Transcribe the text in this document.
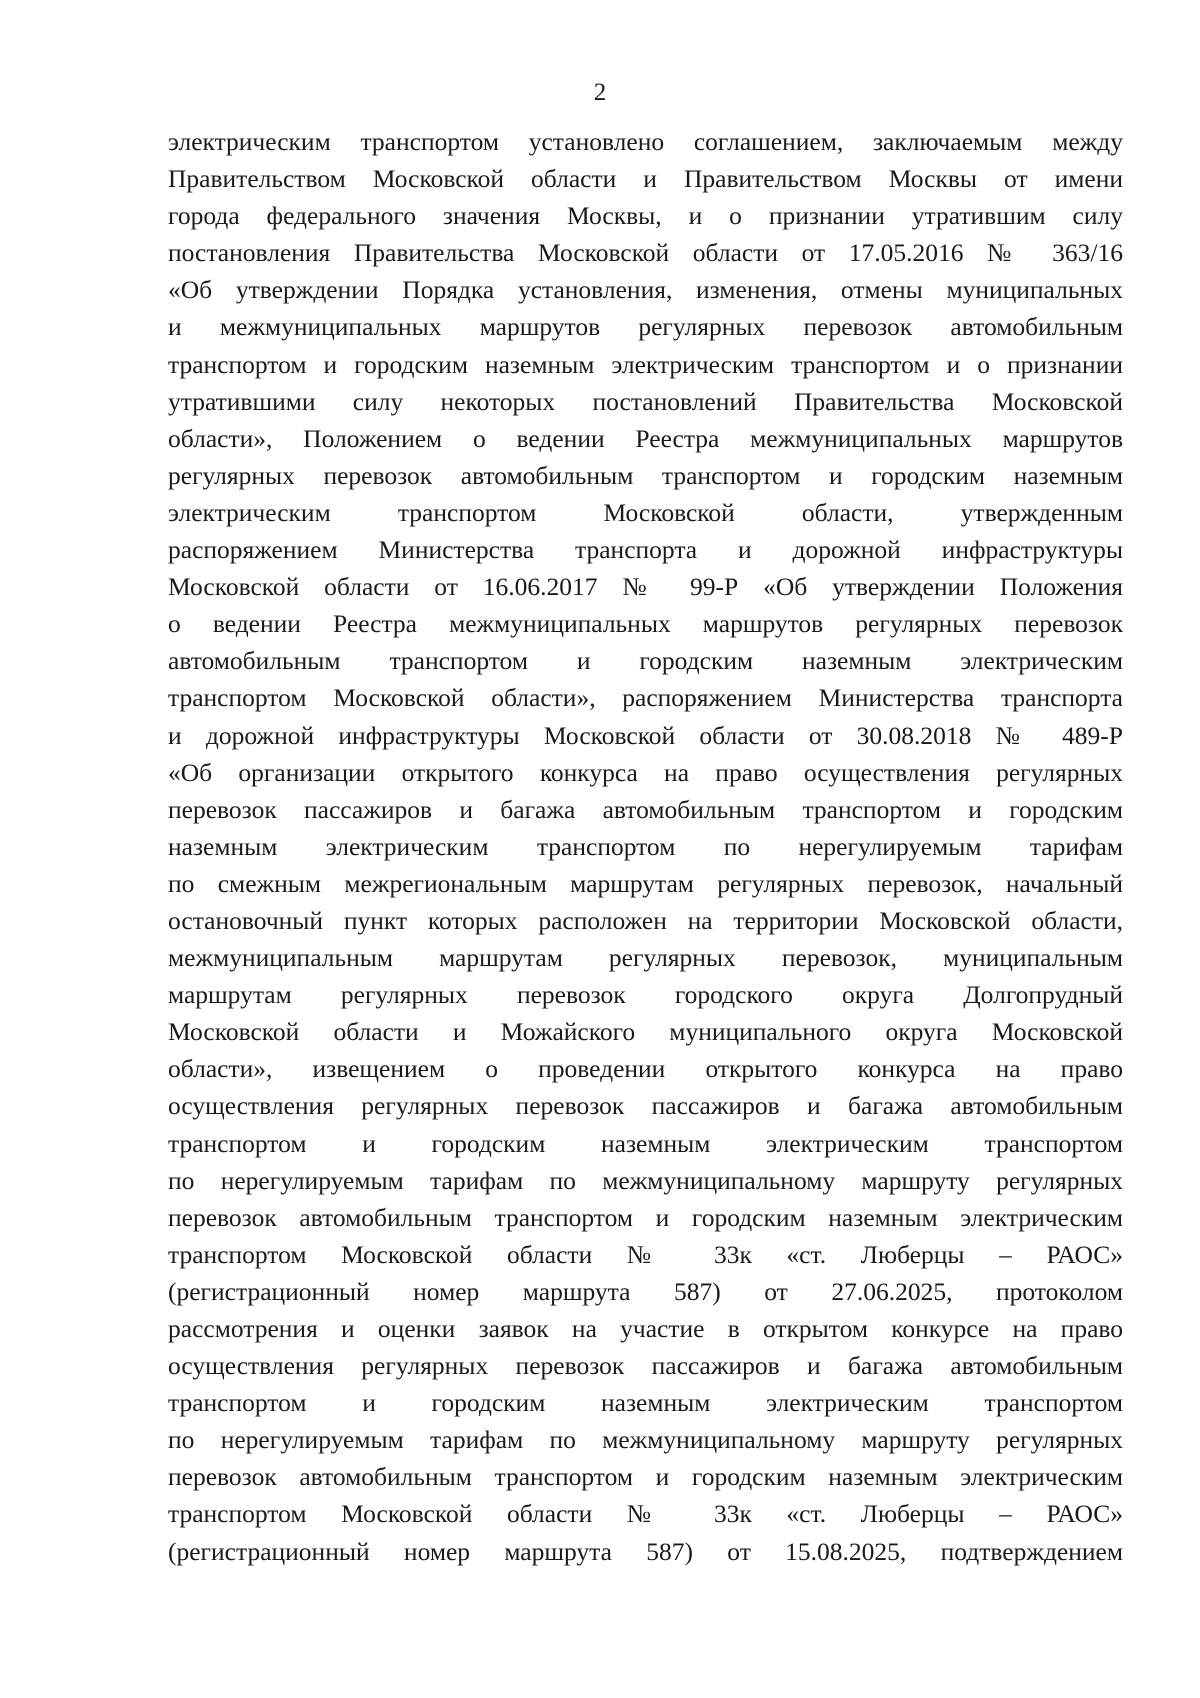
2
электрическим транспортом установлено соглашением, заключаемым между
Правительством Московской области и Правительством Москвы от имени
города федерального значения Москвы, и о признании утратившим силу
постановления Правительства Московской области от 17.05.2016 № 363/16
«Об утверждении Порядка установления, изменения, отмены муниципальных
и межмуниципальных маршрутов регулярных перевозок автомобильным
транспортом и городским наземным электрическим транспортом и о признании
утратившими силу некоторых постановлений Правительства Московской
области», Положением о ведении Реестра межмуниципальных маршрутов
регулярных перевозок автомобильным транспортом и городским наземным
электрическим транспортом Московской области, утвержденным
распоряжением Министерства транспорта и дорожной инфраструктуры
Московской области от 16.06.2017 № 99-Р «Об утверждении Положения
о ведении Реестра межмуниципальных маршрутов регулярных перевозок
автомобильным транспортом и городским наземным электрическим
транспортом Московской области», распоряжением Министерства транспорта
и дорожной инфраструктуры Московской области от 30.08.2018 № 489-Р
«Об организации открытого конкурса на право осуществления регулярных
перевозок пассажиров и багажа автомобильным транспортом и городским
наземным электрическим транспортом по нерегулируемым тарифам
по смежным межрегиональным маршрутам регулярных перевозок, начальный
остановочный пункт которых расположен на территории Московской области,
межмуниципальным маршрутам регулярных перевозок, муниципальным
маршрутам регулярных перевозок городского округа Долгопрудный
Московской области и Можайского муниципального округа Московской
области», извещением о проведении открытого конкурса на право
осуществления регулярных перевозок пассажиров и багажа автомобильным
транспортом и городским наземным электрическим транспортом
по нерегулируемым тарифам по межмуниципальному маршруту регулярных
перевозок автомобильным транспортом и городским наземным электрическим
транспортом Московской области № 33к «ст. Люберцы – РАОС»
(регистрационный номер маршрута 587) от 27.06.2025, протоколом
рассмотрения и оценки заявок на участие в открытом конкурсе на право
осуществления регулярных перевозок пассажиров и багажа автомобильным
транспортом и городским наземным электрическим транспортом
по нерегулируемым тарифам по межмуниципальному маршруту регулярных
перевозок автомобильным транспортом и городским наземным электрическим
транспортом Московской области № 33к «ст. Люберцы – РАОС»
(регистрационный номер маршрута 587) от 15.08.2025, подтверждением
